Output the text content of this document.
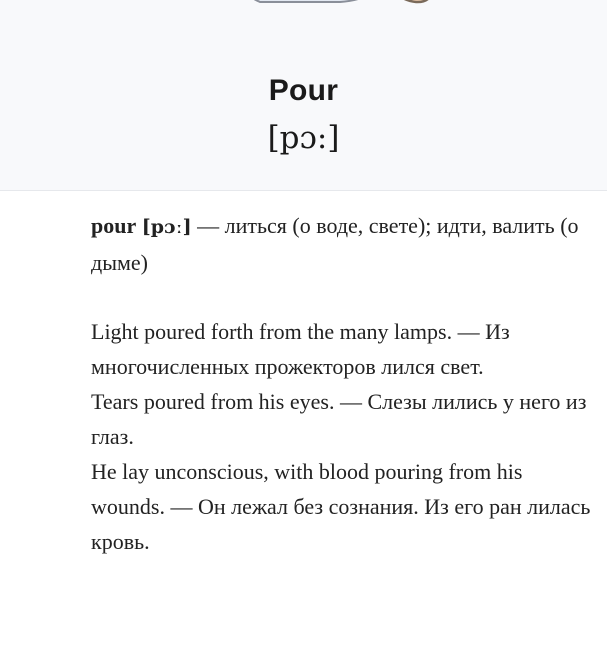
Pour
[pɔ:]

pour [pɔː] — литься (о воде, свете); идти, валить (о дыме)

Light poured forth from the many lamps. — Из многочисленных прожекторов лился свет.

Tears poured from his eyes. — Слезы лились у него из глаз.

He lay unconscious, with blood pouring from his wounds. — Он лежал без сознания. Из его ран лилась кровь.
